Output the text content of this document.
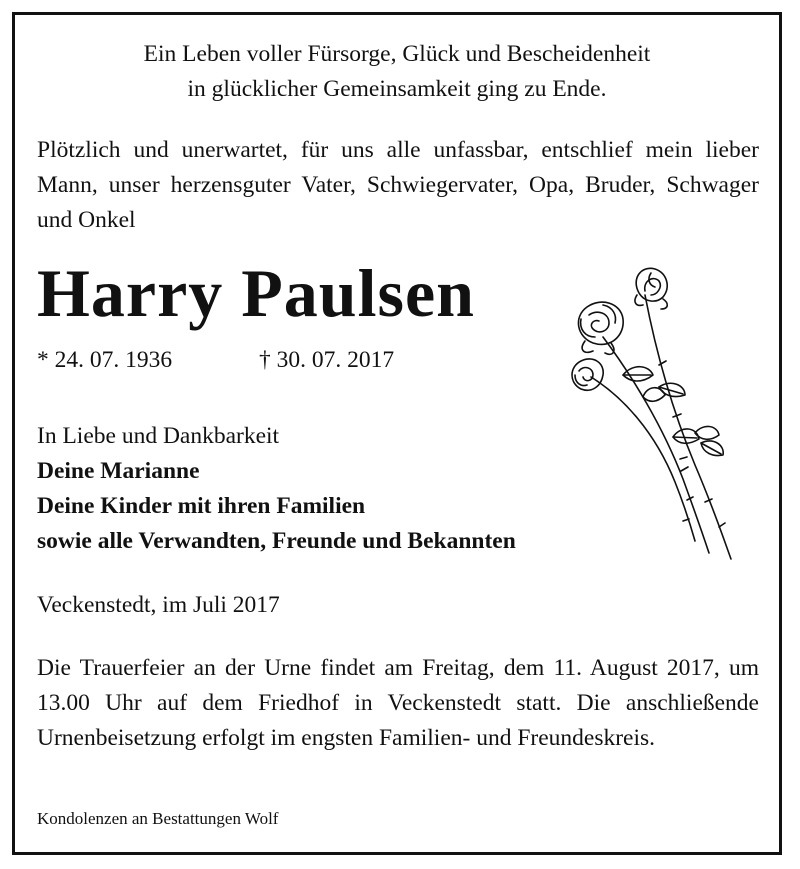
Ein Leben voller Fürsorge, Glück und Bescheidenheit
in glücklicher Gemeinsamkeit ging zu Ende.
Plötzlich und unerwartet, für uns alle unfassbar, entschlief mein lieber Mann, unser herzensguter Vater, Schwiegervater, Opa, Bruder, Schwager und Onkel
Harry Paulsen
* 24. 07. 1936	† 30. 07. 2017
In Liebe und Dankbarkeit
Deine Marianne
Deine Kinder mit ihren Familien
sowie alle Verwandten, Freunde und Bekannten
Veckenstedt, im Juli 2017
Die Trauerfeier an der Urne findet am Freitag, dem 11. August 2017, um 13.00 Uhr auf dem Friedhof in Veckenstedt statt. Die anschließende Urnenbeisetzung erfolgt im engsten Familien- und Freundeskreis.
Kondolenzen an Bestattungen Wolf
